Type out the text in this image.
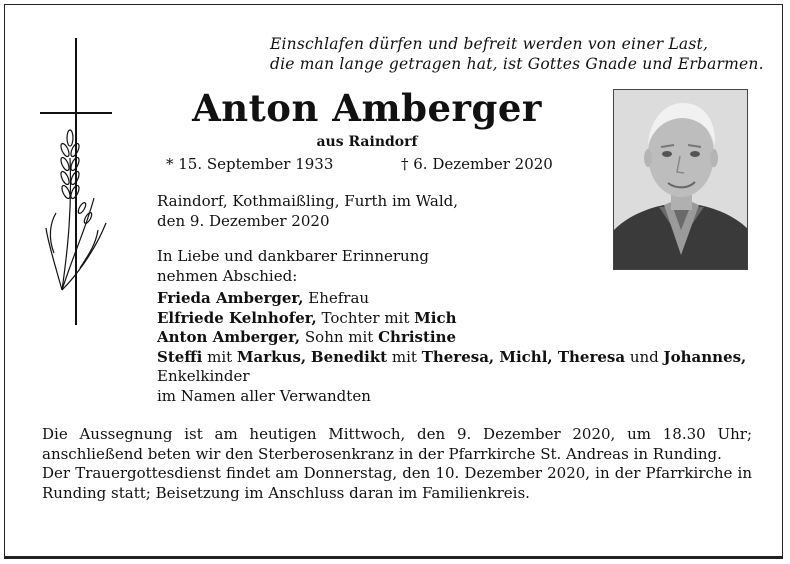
Einschlafen dürfen und befreit werden von einer Last,
die man lange getragen hat, ist Gottes Gnade und Erbarmen.
Anton Amberger
aus Raindorf
* 15. September 1933	† 6. Dezember 2020
Raindorf, Kothmaißling, Furth im Wald,
den 9. Dezember 2020
In Liebe und dankbarer Erinnerung
nehmen Abschied:
Frieda Amberger, Ehefrau
Elfriede Kelnhofer, Tochter mit Mich
Anton Amberger, Sohn mit Christine
Steffi mit Markus, Benedikt mit Theresa, Michl, Theresa und Johannes,
Enkelkinder
im Namen aller Verwandten

Die Aussegnung ist am heutigen Mittwoch, den 9. Dezember 2020, um 18.30 Uhr; anschließend beten wir den Sterberosenkranz in der Pfarrkirche St. Andreas in Runding.

Der Trauergottesdienst findet am Donnerstag, den 10. Dezember 2020, in der Pfarrkirche in Runding statt; Beisetzung im Anschluss daran im Familienkreis.
